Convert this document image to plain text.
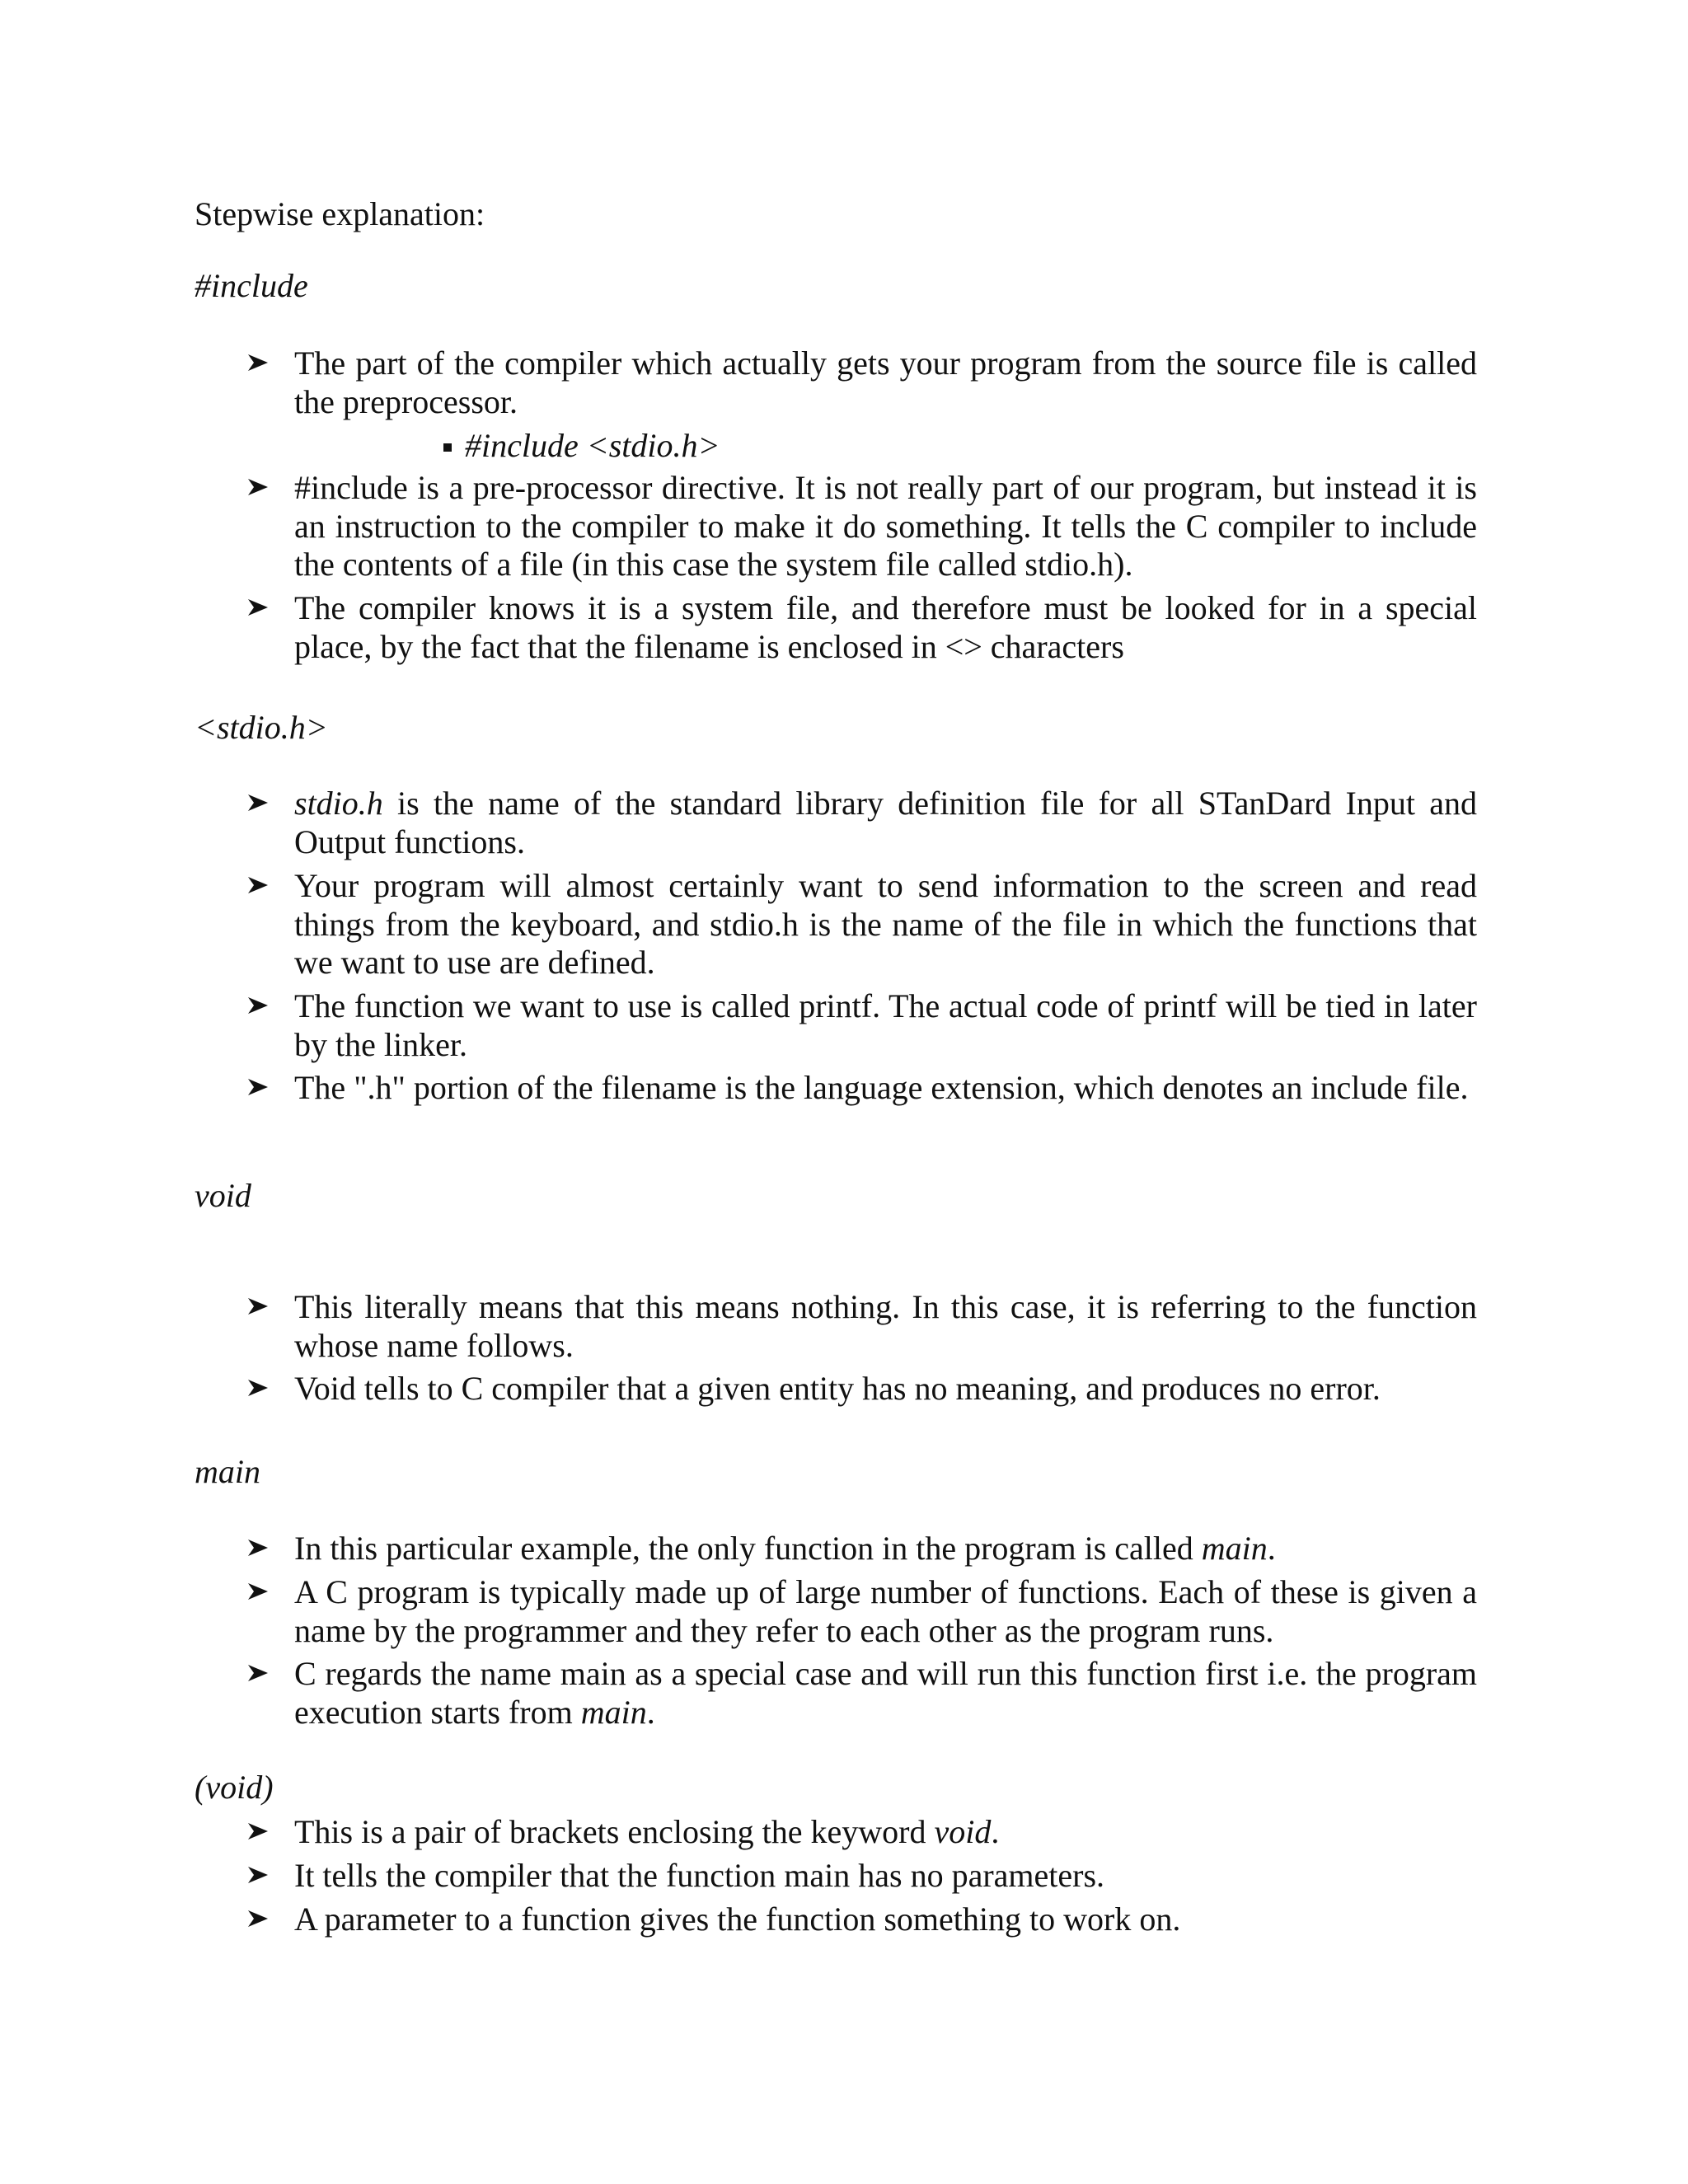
Stepwise explanation:
#include
The part of the compiler which actually gets your program from the source file is called the preprocessor.
#include <stdio.h>
#include is a pre-processor directive. It is not really part of our program, but instead it is an instruction to the compiler to make it do something. It tells the C compiler to include the contents of a file (in this case the system file called stdio.h).
The compiler knows it is a system file, and therefore must be looked for in a special place, by the fact that the filename is enclosed in <> characters
<stdio.h>
stdio.h is the name of the standard library definition file for all STanDard Input and Output functions.
Your program will almost certainly want to send information to the screen and read things from the keyboard, and stdio.h is the name of the file in which the functions that we want to use are defined.
The function we want to use is called printf. The actual code of printf will be tied in later by the linker.
The ".h" portion of the filename is the language extension, which denotes an include file.
void
This literally means that this means nothing. In this case, it is referring to the function whose name follows.
Void tells to C compiler that a given entity has no meaning, and produces no error.
main
In this particular example, the only function in the program is called main.
A C program is typically made up of large number of functions. Each of these is given a name by the programmer and they refer to each other as the program runs.
C regards the name main as a special case and will run this function first i.e. the program execution starts from main.
(void)
This is a pair of brackets enclosing the keyword void.
It tells the compiler that the function main has no parameters.
A parameter to a function gives the function something to work on.
